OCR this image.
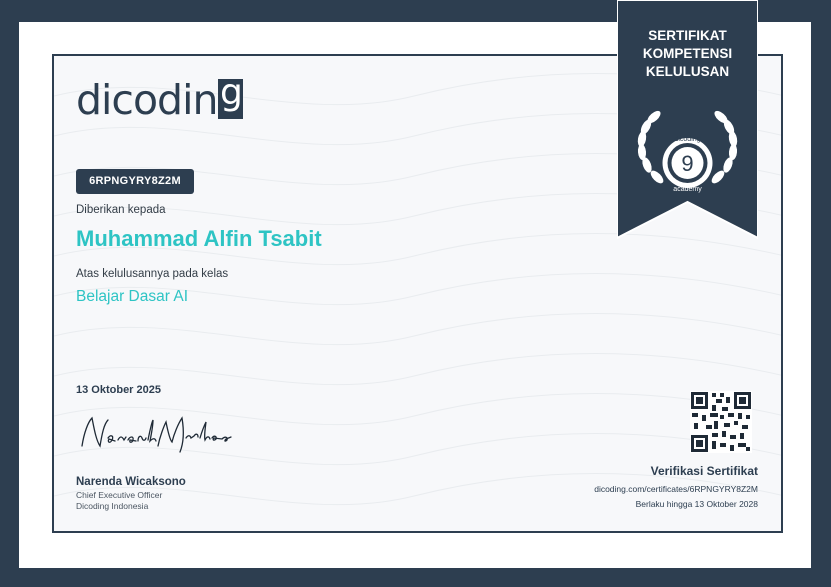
dicodin g
6RPNGYRY8Z2M
Diberikan kepada
Muhammad Alfin Tsabit
Atas kelulusannya pada kelas
Belajar Dasar AI
13 Oktober 2025
Narenda Wicaksono
Chief Executive Officer
Dicoding Indonesia
9
dicoding
academy
SERTIFIKAT
KOMPETENSI
KELULUSAN
Verifikasi Sertifikat
dicoding.com/certificates/6RPNGYRY8Z2M
Berlaku hingga 13 Oktober 2028
